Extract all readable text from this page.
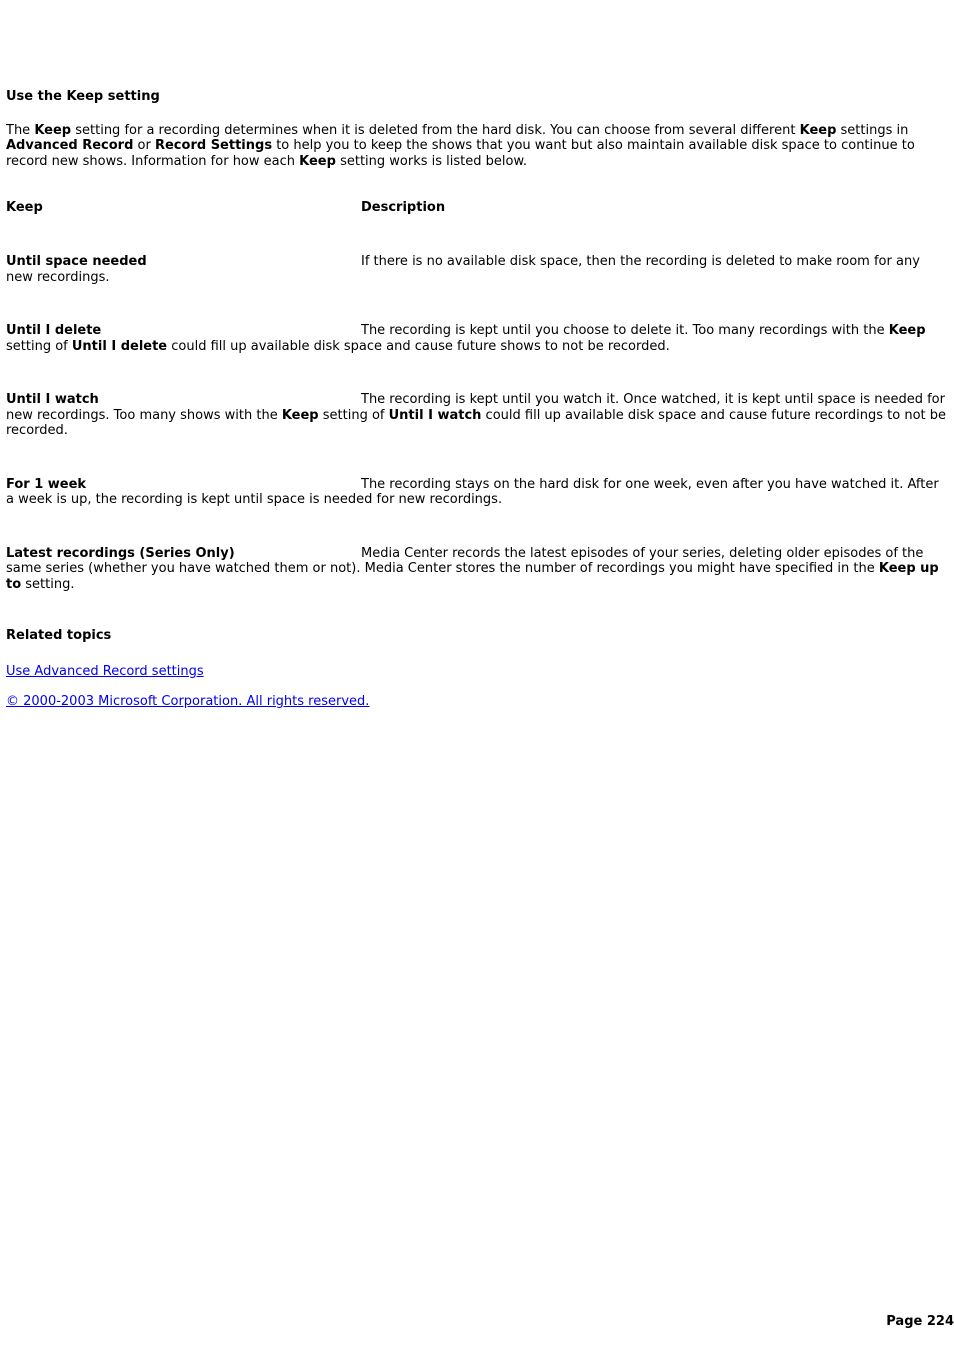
Use the Keep setting

The Keep setting for a recording determines when it is deleted from the hard disk. You can choose from several different Keep settings in Advanced Record or Record Settings to help you to keep the shows that you want but also maintain available disk space to continue to record new shows. Information for how each Keep setting works is listed below.

Keep	Description
Until space needed	If there is no available disk space, then the recording is deleted to make room for any new recordings.

Until I delete	The recording is kept until you choose to delete it. Too many recordings with the Keep setting of Until I delete could fill up available disk space and cause future shows to not be recorded.

Until I watch	The recording is kept until you watch it. Once watched, it is kept until space is needed for new recordings. Too many shows with the Keep setting of Until I watch could fill up available disk space and cause future recordings to not be recorded.

For 1 week	The recording stays on the hard disk for one week, even after you have watched it. After a week is up, the recording is kept until space is needed for new recordings.

Latest recordings (Series Only)	Media Center records the latest episodes of your series, deleting older episodes of the same series (whether you have watched them or not). Media Center stores the number of recordings you might have specified in the Keep up to setting.

Related topics
Use Advanced Record settings
© 2000-2003 Microsoft Corporation. All rights reserved.
Page 224
